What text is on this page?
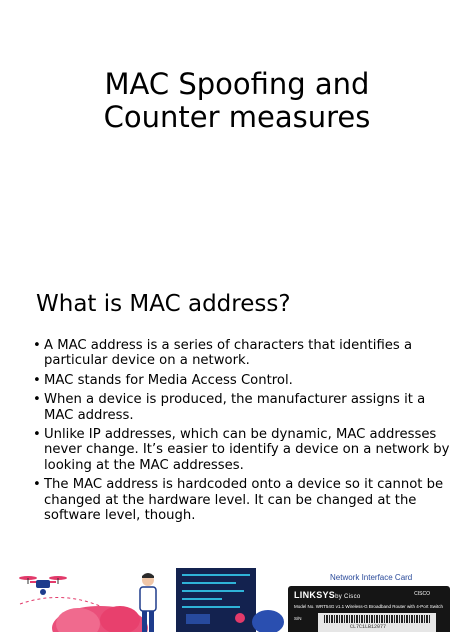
MAC Spoofing and
Counter measures
What is MAC address?
• A MAC address is a series of characters that identifies a particular device on a network.
• MAC stands for Media Access Control.
• When a device is produced, the manufacturer assigns it a MAC address.
• Unlike IP addresses, which can be dynamic, MAC addresses never change. It’s easier to identify a device on a network by looking at the MAC addresses.
• The MAC address is hardcoded onto a device so it cannot be changed at the hardware level. It can be changed at the software level, though.
Network Interface Card
LINKSYSby Cisco	CISCO
Model No. WRT54G v1.1 Wireless-G Broadband Router with 4-Port Switch
S/N
CL7C1LB12077
